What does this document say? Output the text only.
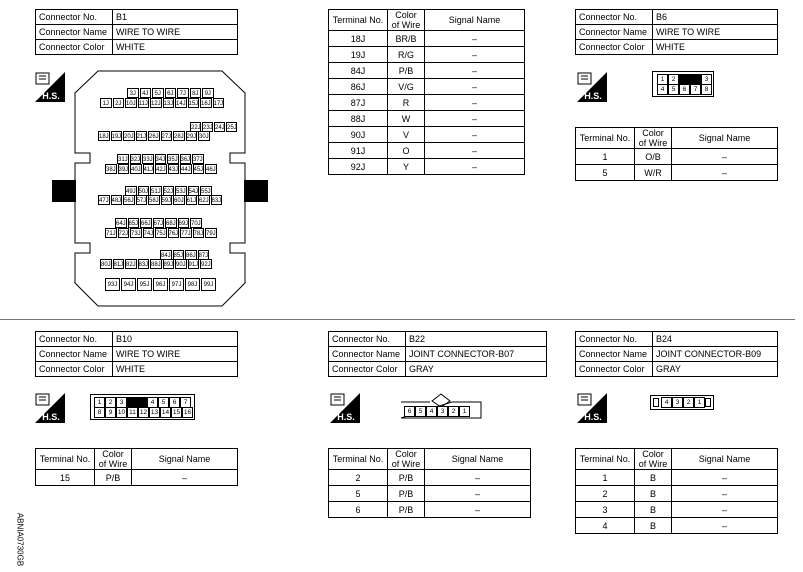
Connector No.	B1
Connector Name	WIRE TO WIRE
Connector Color	WHITE
H.S.	3J	4J	5J	6J	7J	8J	9J
1J	2J 10J 11J 12J 13J 14J 15J 16J 17J
22J 23J 24J 25J
18J 19J 20J 21J 26J 27J 28J 29J 30J
31J 32J 33J 34J 35J 36J 37J
38J 39J 40J 41J 42J 43J 44J 45J 46J
49J 50J 51J 52J 53J 54J 55J
47J 48J 56J 57J 58J 59J 60J 61J 62J 63J
64J 65J 66J 67J 68J 69J 70J
71J 72J 73J 74J 75J 76J 77J 78J 79J
84J 85J 86J 87J
80J 81J 82J 83J 88J 89J 90J 91J 92J
93J	94J	95J	96J	97J	98J	99J
Terminal No.	Color of Wire	Signal Name
18J	BR/B	–
19J	R/G	–
84J	P/B	–
86J	V/G	–
87J	R	–
88J	W	–
90J	V	–
91J	O	–
92J	Y	–
Connector No.	B6
Connector Name	WIRE TO WIRE
Connector Color	WHITE
H.S.
1	2	3
4	5	6	7	8
Terminal No.	Color of Wire	Signal Name
1	O/B	–
5	W/R	–
Connector No.	B10
Connector Name	WIRE TO WIRE
Connector Color	WHITE
H.S.
1	2	3	4	5	6	7
8	9 10 11 12 13 14 15 16
Terminal No.	Color of Wire	Signal Name
15	P/B	–
Connector No.	B22
Connector Name	JOINT CONNECTOR-B07
Connector Color	GRAY
H.S.
6	5	4	3	2	1
Terminal No.	Color of Wire	Signal Name
2	P/B	–
5	P/B	–
6	P/B	–
Connector No.	B24
Connector Name	JOINT CONNECTOR-B09
Connector Color	GRAY
H.S.
4	3	2	1
Terminal No.	Color of Wire	Signal Name
1	B	–
2	B	–
3	B	–
4	B	–
ABNIA0730GB
